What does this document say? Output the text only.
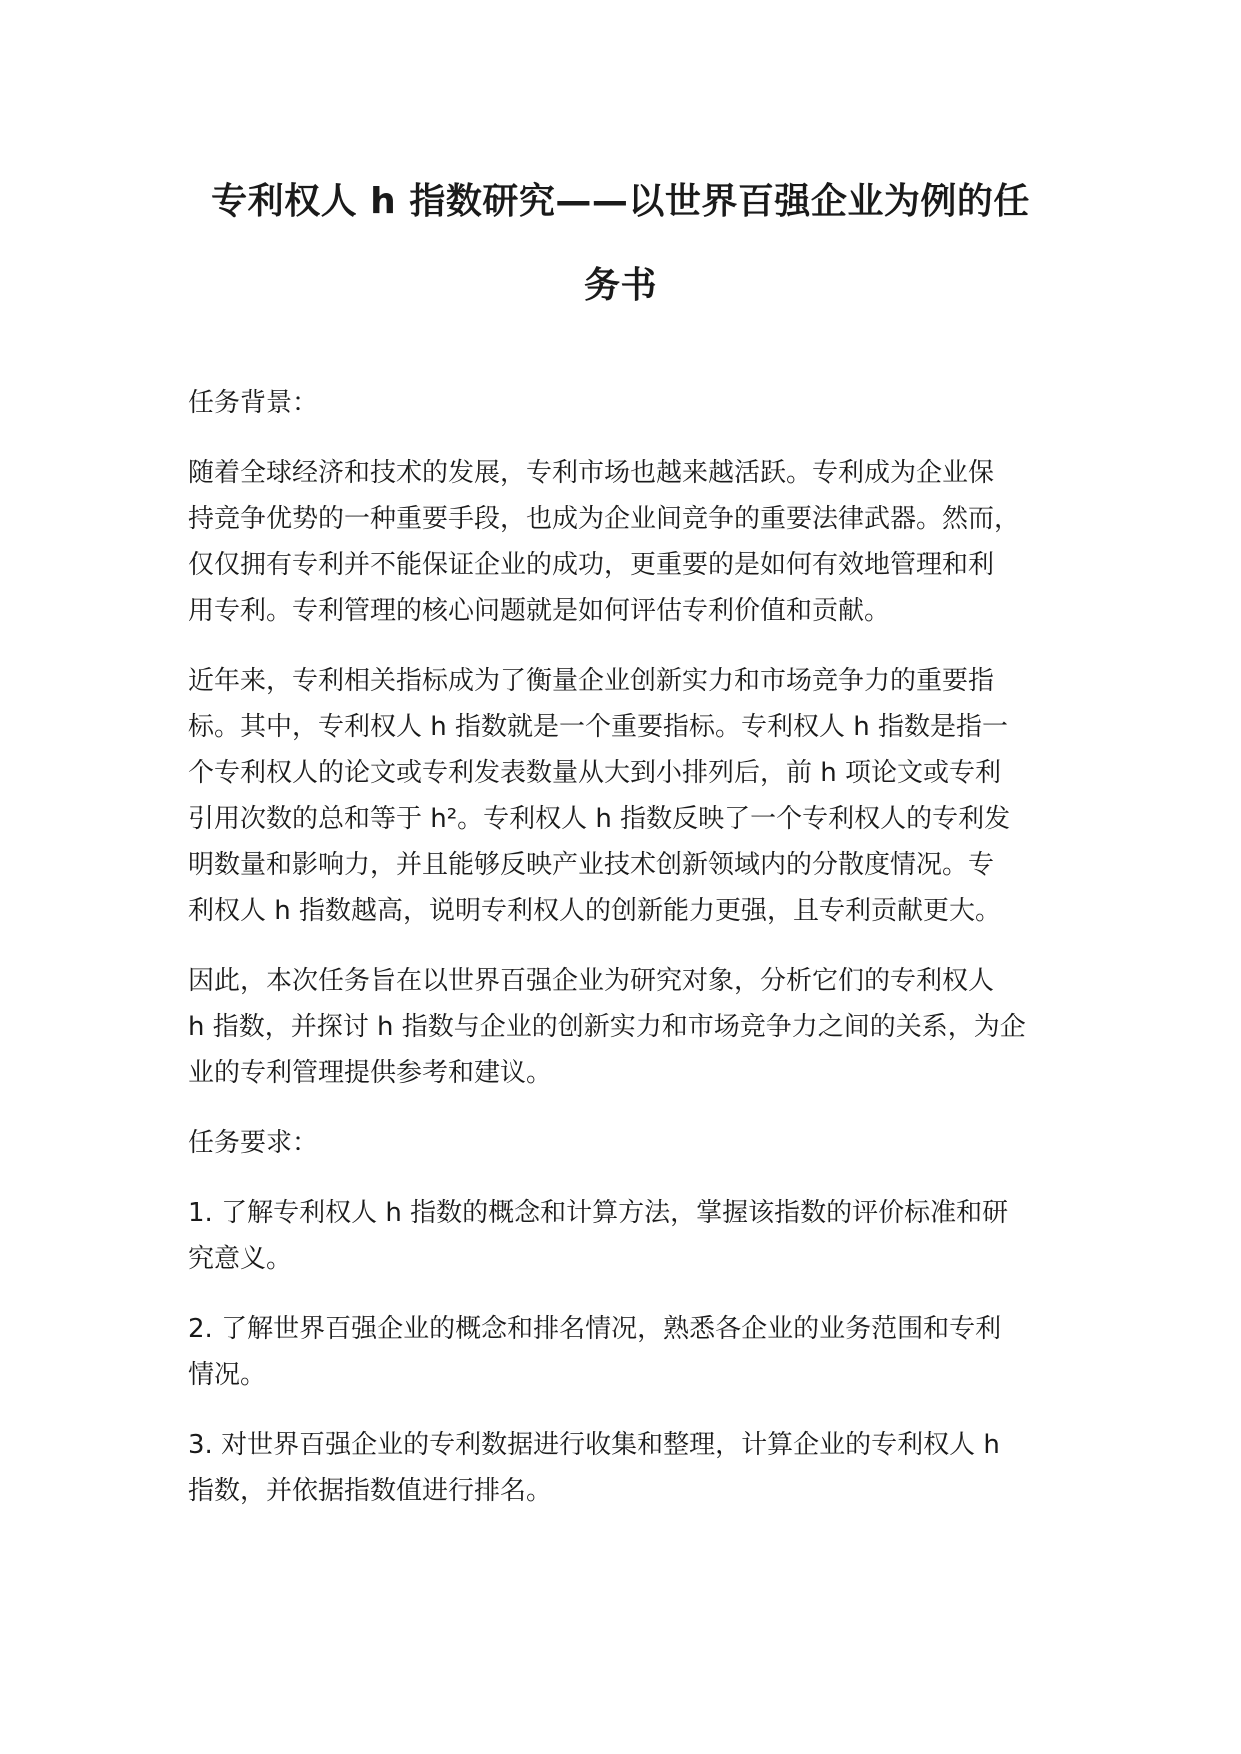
专利权人 h 指数研究——以世界百强企业为例的任
务书
任务背景：
随着全球经济和技术的发展，专利市场也越来越活跃。专利成为企业保
持竞争优势的一种重要手段，也成为企业间竞争的重要法律武器。然而，
仅仅拥有专利并不能保证企业的成功，更重要的是如何有效地管理和利
用专利。专利管理的核心问题就是如何评估专利价值和贡献。
近年来，专利相关指标成为了衡量企业创新实力和市场竞争力的重要指
标。其中，专利权人 h 指数就是一个重要指标。专利权人 h 指数是指一
个专利权人的论文或专利发表数量从大到小排列后，前 h 项论文或专利
引用次数的总和等于 h²。专利权人 h 指数反映了一个专利权人的专利发
明数量和影响力，并且能够反映产业技术创新领域内的分散度情况。专
利权人 h 指数越高，说明专利权人的创新能力更强，且专利贡献更大。
因此，本次任务旨在以世界百强企业为研究对象，分析它们的专利权人
h 指数，并探讨 h 指数与企业的创新实力和市场竞争力之间的关系，为企
业的专利管理提供参考和建议。
任务要求：
1. 了解专利权人 h 指数的概念和计算方法，掌握该指数的评价标准和研
究意义。
2. 了解世界百强企业的概念和排名情况，熟悉各企业的业务范围和专利
情况。
3. 对世界百强企业的专利数据进行收集和整理，计算企业的专利权人 h
指数，并依据指数值进行排名。
